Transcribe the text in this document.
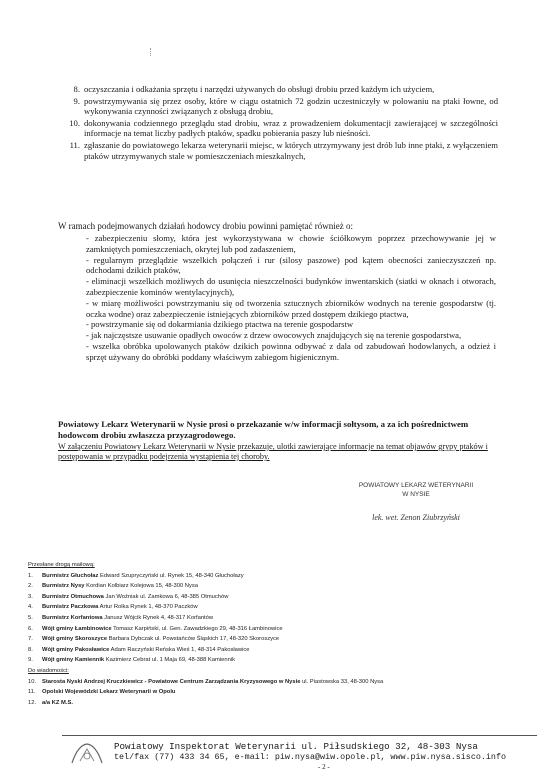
8. oczyszczania i odkażania sprzętu i narzędzi używanych do obsługi drobiu przed każdym ich użyciem,
9. powstrzymywania się przez osoby, które w ciągu ostatnich 72 godzin uczestniczyły w polowaniu na ptaki łowne, od wykonywania czynności związanych z obsługą drobiu,
10. dokonywania codziennego przeglądu stad drobiu, wraz z prowadzeniem dokumentacji zawierającej w szczególności informacje na temat liczby padłych ptaków, spadku pobierania paszy lub nieśności.
11. zgłaszanie do powiatowego lekarza weterynarii miejsc, w których utrzymywany jest drób lub inne ptaki, z wyłączeniem ptaków utrzymywanych stale w pomieszczeniach mieszkalnych,
W ramach podejmowanych działań hodowcy drobiu powinni pamiętać również o:
- zabezpieczeniu słomy, która jest wykorzystywana w chowie ściółkowym poprzez przechowywanie jej w zamkniętych pomieszczeniach, okrytej lub pod zadaszeniem,
- regularnym przeglądzie wszelkich połączeń i rur (silosy paszowe) pod kątem obecności zanieczyszczeń np. odchodami dzikich ptaków,
- eliminacji wszelkich możliwych do usunięcia nieszczelności budynków inwentarskich (siatki w oknach i otworach, zabezpieczenie kominów wentylacyjnych),
- w miarę możliwości powstrzymaniu się od tworzenia sztucznych zbiorników wodnych na terenie gospodarstw (tj. oczka wodne) oraz zabezpieczenie istniejących zbiorników przed dostępem dzikiego ptactwa,
- powstrzymanie się od dokarmiania dzikiego ptactwa na terenie gospodarstw
- jak najczęstsze usuwanie opadłych owoców z drzew owocowych znajdujących się na terenie gospodarstwa,
- wszelka obróbka upolowanych ptaków dzikich powinna odbywać z dala od zabudowań hodowlanych, a odzież i sprzęt używany do obróbki poddany właściwym zabiegom higienicznym.
Powiatowy Lekarz Weterynarii w Nysie prosi o przekazanie w/w informacji sołtysom, a za ich pośrednictwem hodowcom drobiu zwłaszcza przyzagrodowego.
W załączeniu Powiatowy Lekarz Weterynarii w Nysie przekazuje, ulotki zawierające informacje na temat objawów grypy ptaków i postępowania w przypadku podejrzenia wystąpienia tej choroby.
POWIATOWY LEKARZ WETERYNARII
W NYSIE
lek. wet. Zenon Ziubrzyński
Przesłane drogą mailową:
1.	Burmistrz Głuchołaz Edward Szupryczyński ul. Rynek 15, 48-340 Głuchołazy
2.	Burmistrz Nysy Kordian Kolbiarz Kolejowa 15, 48-300 Nysa
3.	Burmistrz Otmuchowa Jan Woźniak ul. Zamkowa 6, 48-385 Otmuchów
4.	Burmistrz Paczkowa Artur Rolka Rynek 1, 48-370 Paczków
5.	Burmistrz Korfantowa Janusz Wójcik Rynek 4, 48-317 Korfantów
6.	Wójt gminy Łambinowice Tomasz Karpiński, ul. Gen. Zawadzkiego 29, 48-316 Łambinowice
7.	Wójt gminy Skoroszyce Barbara Dybczak ul. Powstańców Śląskich 17, 48-320 Skoroszyce
8.	Wójt gminy Pakosławice Adam Raczyński Reńska Wieś 1, 48-314 Pakosławice
9.	Wójt gminy Kamiennik Kazimierz Cebrat ul. 1 Maja 69, 48-388 Kamiennik
Do wiadomości:
10.	Starosta Nyski Andrzej Kruczkiewicz - Powiatowe Centrum Zarządzania Kryzysowego w Nysie ul. Piastowska 33, 48-300 Nysa
11.	Opolski Wojewódzki Lekarz Weterynarii w Opolu
12.	a/a KZ M.S.
Powiatowy Inspektorat Weterynarii ul. Piłsudskiego 32, 48-303 Nysa
tel/fax (77) 433 34 65, e-mail: piw.nysa@wiw.opole.pl, www.piw.nysa.sisco.info
- 2 -
